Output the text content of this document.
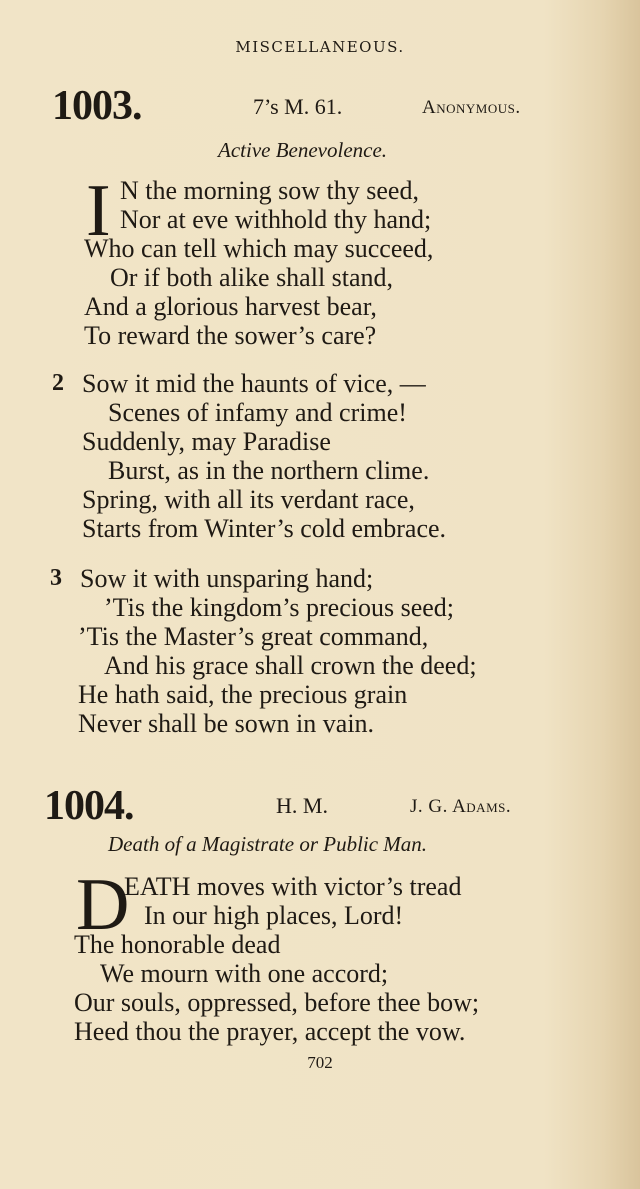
MISCELLANEOUS.
1003.	7’s M. 61.	Anonymous.
Active Benevolence.
I N the morning sow thy seed,
Nor at eve withhold thy hand;
Who can tell which may succeed,
Or if both alike shall stand,
And a glorious harvest bear,
To reward the sower’s care?
2 Sow it mid the haunts of vice, —
Scenes of infamy and crime!
Suddenly, may Paradise
Burst, as in the northern clime.
Spring, with all its verdant race,
Starts from Winter’s cold embrace.
3 Sow it with unsparing hand;
’Tis the kingdom’s precious seed;
’Tis the Master’s great command,
And his grace shall crown the deed;
He hath said, the precious grain
Never shall be sown in vain.
1004.	H. M.	J. G. Adams.
Death of a Magistrate or Public Man.
D
EATH moves with victor’s tread
In our high places, Lord!
The honorable dead
We mourn with one accord;
Our souls, oppressed, before thee bow;
Heed thou the prayer, accept the vow.
702
